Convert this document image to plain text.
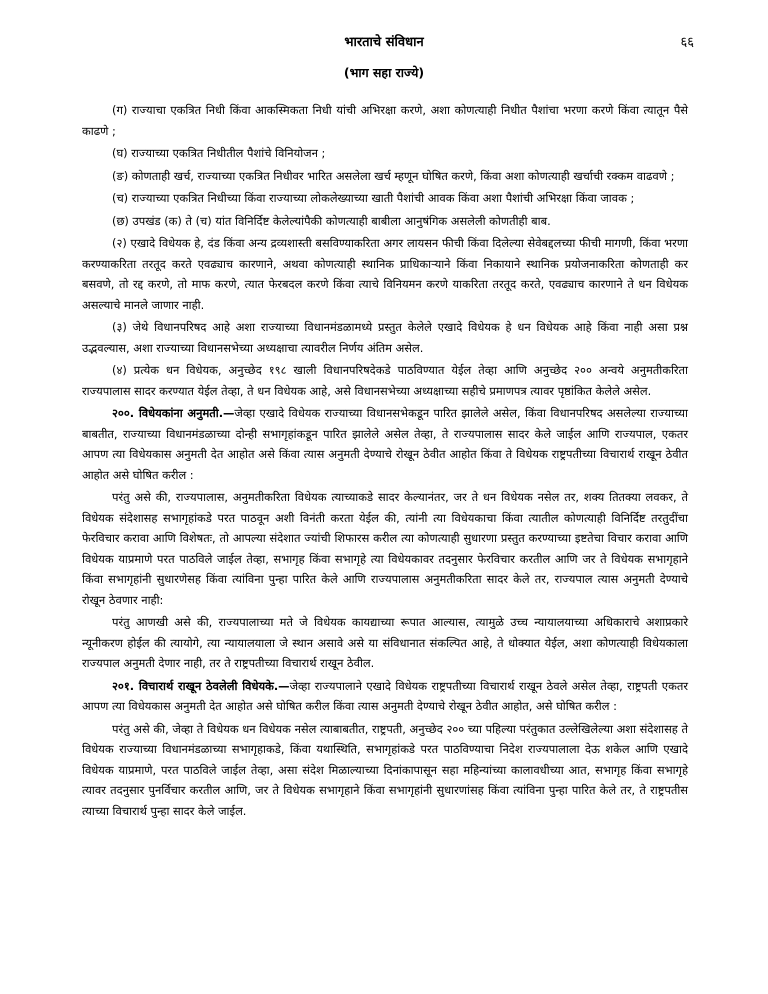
भारताचे संविधान	६६
(भाग सहा राज्ये)

(ग) राज्याचा एकत्रित निधी किंवा आकस्मिकता निधी यांची अभिरक्षा करणे, अशा कोणत्याही निधीत पैशांचा भरणा करणे किंवा त्यातून पैसे काढणे ;

(घ) राज्याच्या एकत्रित निधीतील पैशांचे विनियोजन ;

(ङ) कोणताही खर्च, राज्याच्या एकत्रित निधीवर भारित असलेला खर्च म्हणून घोषित करणे, किंवा अशा कोणत्याही खर्चाची रक्कम वाढवणे ;

(च) राज्याच्या एकत्रित निधीच्या किंवा राज्याच्या लोकलेख्याच्या खाती पैशांची आवक किंवा अशा पैशांची अभिरक्षा किंवा जावक ;

(छ) उपखंड (क) ते (च) यांत विनिर्दिष्ट केलेल्यांपैकी कोणत्याही बाबीला आनुषंगिक असलेली कोणतीही बाब.

(२) एखादे विधेयक हे, दंड किंवा अन्य द्रव्यशास्ती बसविण्याकरिता अगर लायसन फीची किंवा दिलेल्या सेवेबद्दलच्या फीची मागणी, किंवा भरणा करण्याकरिता तरतूद करते एवढ्याच कारणाने, अथवा कोणत्याही स्थानिक प्राधिकाऱ्याने किंवा निकायाने स्थानिक प्रयोजनाकरिता कोणताही कर बसवणे, तो रद्द करणे, तो माफ करणे, त्यात फेरबदल करणे किंवा त्याचे विनियमन करणे याकरिता तरतूद करते, एवढ्याच कारणाने ते धन विधेयक असल्याचे मानले जाणार नाही.

(३) जेथे विधानपरिषद आहे अशा राज्याच्या विधानमंडळामध्ये प्रस्तुत केलेले एखादे विधेयक हे धन विधेयक आहे किंवा नाही असा प्रश्न उद्भवल्यास, अशा राज्याच्या विधानसभेच्या अध्यक्षाचा त्यावरील निर्णय अंतिम असेल.

(४) प्रत्येक धन विधेयक, अनुच्छेद १९८ खाली विधानपरिषदेकडे पाठविण्यात येईल तेव्हा आणि अनुच्छेद २०० अन्वये अनुमतीकरिता राज्यपालास सादर करण्यात येईल तेव्हा, ते धन विधेयक आहे, असे विधानसभेच्या अध्यक्षाच्या सहीचे प्रमाणपत्र त्यावर पृष्ठांकित केलेले असेल.

२००. विधेयकांना अनुमती.—जेव्हा एखादे विधेयक राज्याच्या विधानसभेकडून पारित झालेले असेल, किंवा विधानपरिषद असलेल्या राज्याच्या बाबतीत, राज्याच्या विधानमंडळाच्या दोन्ही सभागृहांकडून पारित झालेले असेल तेव्हा, ते राज्यपालास सादर केले जाईल आणि राज्यपाल, एकतर आपण त्या विधेयकास अनुमती देत आहोत असे किंवा त्यास अनुमती देण्याचे रोखून ठेवीत आहोत किंवा ते विधेयक राष्ट्रपतीच्या विचारार्थ राखून ठेवीत आहोत असे घोषित करील :

परंतु असे की, राज्यपालास, अनुमतीकरिता विधेयक त्याच्याकडे सादर केल्यानंतर, जर ते धन विधेयक नसेल तर, शक्य तितक्या लवकर, ते विधेयक संदेशासह सभागृहांकडे परत पाठवून अशी विनंती करता येईल की, त्यांनी त्या विधेयकाचा किंवा त्यातील कोणत्याही विनिर्दिष्ट तरतुदींचा फेरविचार करावा आणि विशेषतः, तो आपल्या संदेशात ज्यांची शिफारस करील त्या कोणत्याही सुधारणा प्रस्तुत करण्याच्या इष्टतेचा विचार करावा आणि विधेयक याप्रमाणे परत पाठविले जाईल तेव्हा, सभागृह किंवा सभागृहे त्या विधेयकावर तदनुसार फेरविचार करतील आणि जर ते विधेयक सभागृहाने किंवा सभागृहांनी सुधारणेसह किंवा त्यांविना पुन्हा पारित केले आणि राज्यपालास अनुमतीकरिता सादर केले तर, राज्यपाल त्यास अनुमती देण्याचे रोखून ठेवणार नाही:

परंतु आणखी असे की, राज्यपालाच्या मते जे विधेयक कायद्याच्या रूपात आल्यास, त्यामुळे उच्च न्यायालयाच्या अधिकाराचे अशाप्रकारे न्यूनीकरण होईल की त्यायोगे, त्या न्यायालयाला जे स्थान असावे असे या संविधानात संकल्पित आहे, ते धोक्यात येईल, अशा कोणत्याही विधेयकाला राज्यपाल अनुमती देणार नाही, तर ते राष्ट्रपतीच्या विचारार्थ राखून ठेवील.

२०१. विचारार्थ राखून ठेवलेली विधेयके.—जेव्हा राज्यपालाने एखादे विधेयक राष्ट्रपतीच्या विचारार्थ राखून ठेवले असेल तेव्हा, राष्ट्रपती एकतर आपण त्या विधेयकास अनुमती देत आहोत असे घोषित करील किंवा त्यास अनुमती देण्याचे रोखून ठेवीत आहोत, असे घोषित करील :

परंतु असे की, जेव्हा ते विधेयक धन विधेयक नसेल त्याबाबतीत, राष्ट्रपती, अनुच्छेद २०० च्या पहिल्या परंतुकात उल्लेखिलेल्या अशा संदेशासह ते विधेयक राज्याच्या विधानमंडळाच्या सभागृहाकडे, किंवा यथास्थिति, सभागृहांकडे परत पाठविण्याचा निदेश राज्यपालाला देऊ शकेल आणि एखादे विधेयक याप्रमाणे, परत पाठविले जाईल तेव्हा, असा संदेश मिळाल्याच्या दिनांकापासून सहा महिन्यांच्या कालावधीच्या आत, सभागृह किंवा सभागृहे त्यावर तदनुसार पुनर्विचार करतील आणि, जर ते विधेयक सभागृहाने किंवा सभागृहांनी सुधारणांसह किंवा त्यांविना पुन्हा पारित केले तर, ते राष्ट्रपतीस त्याच्या विचारार्थ पुन्हा सादर केले जाईल.
